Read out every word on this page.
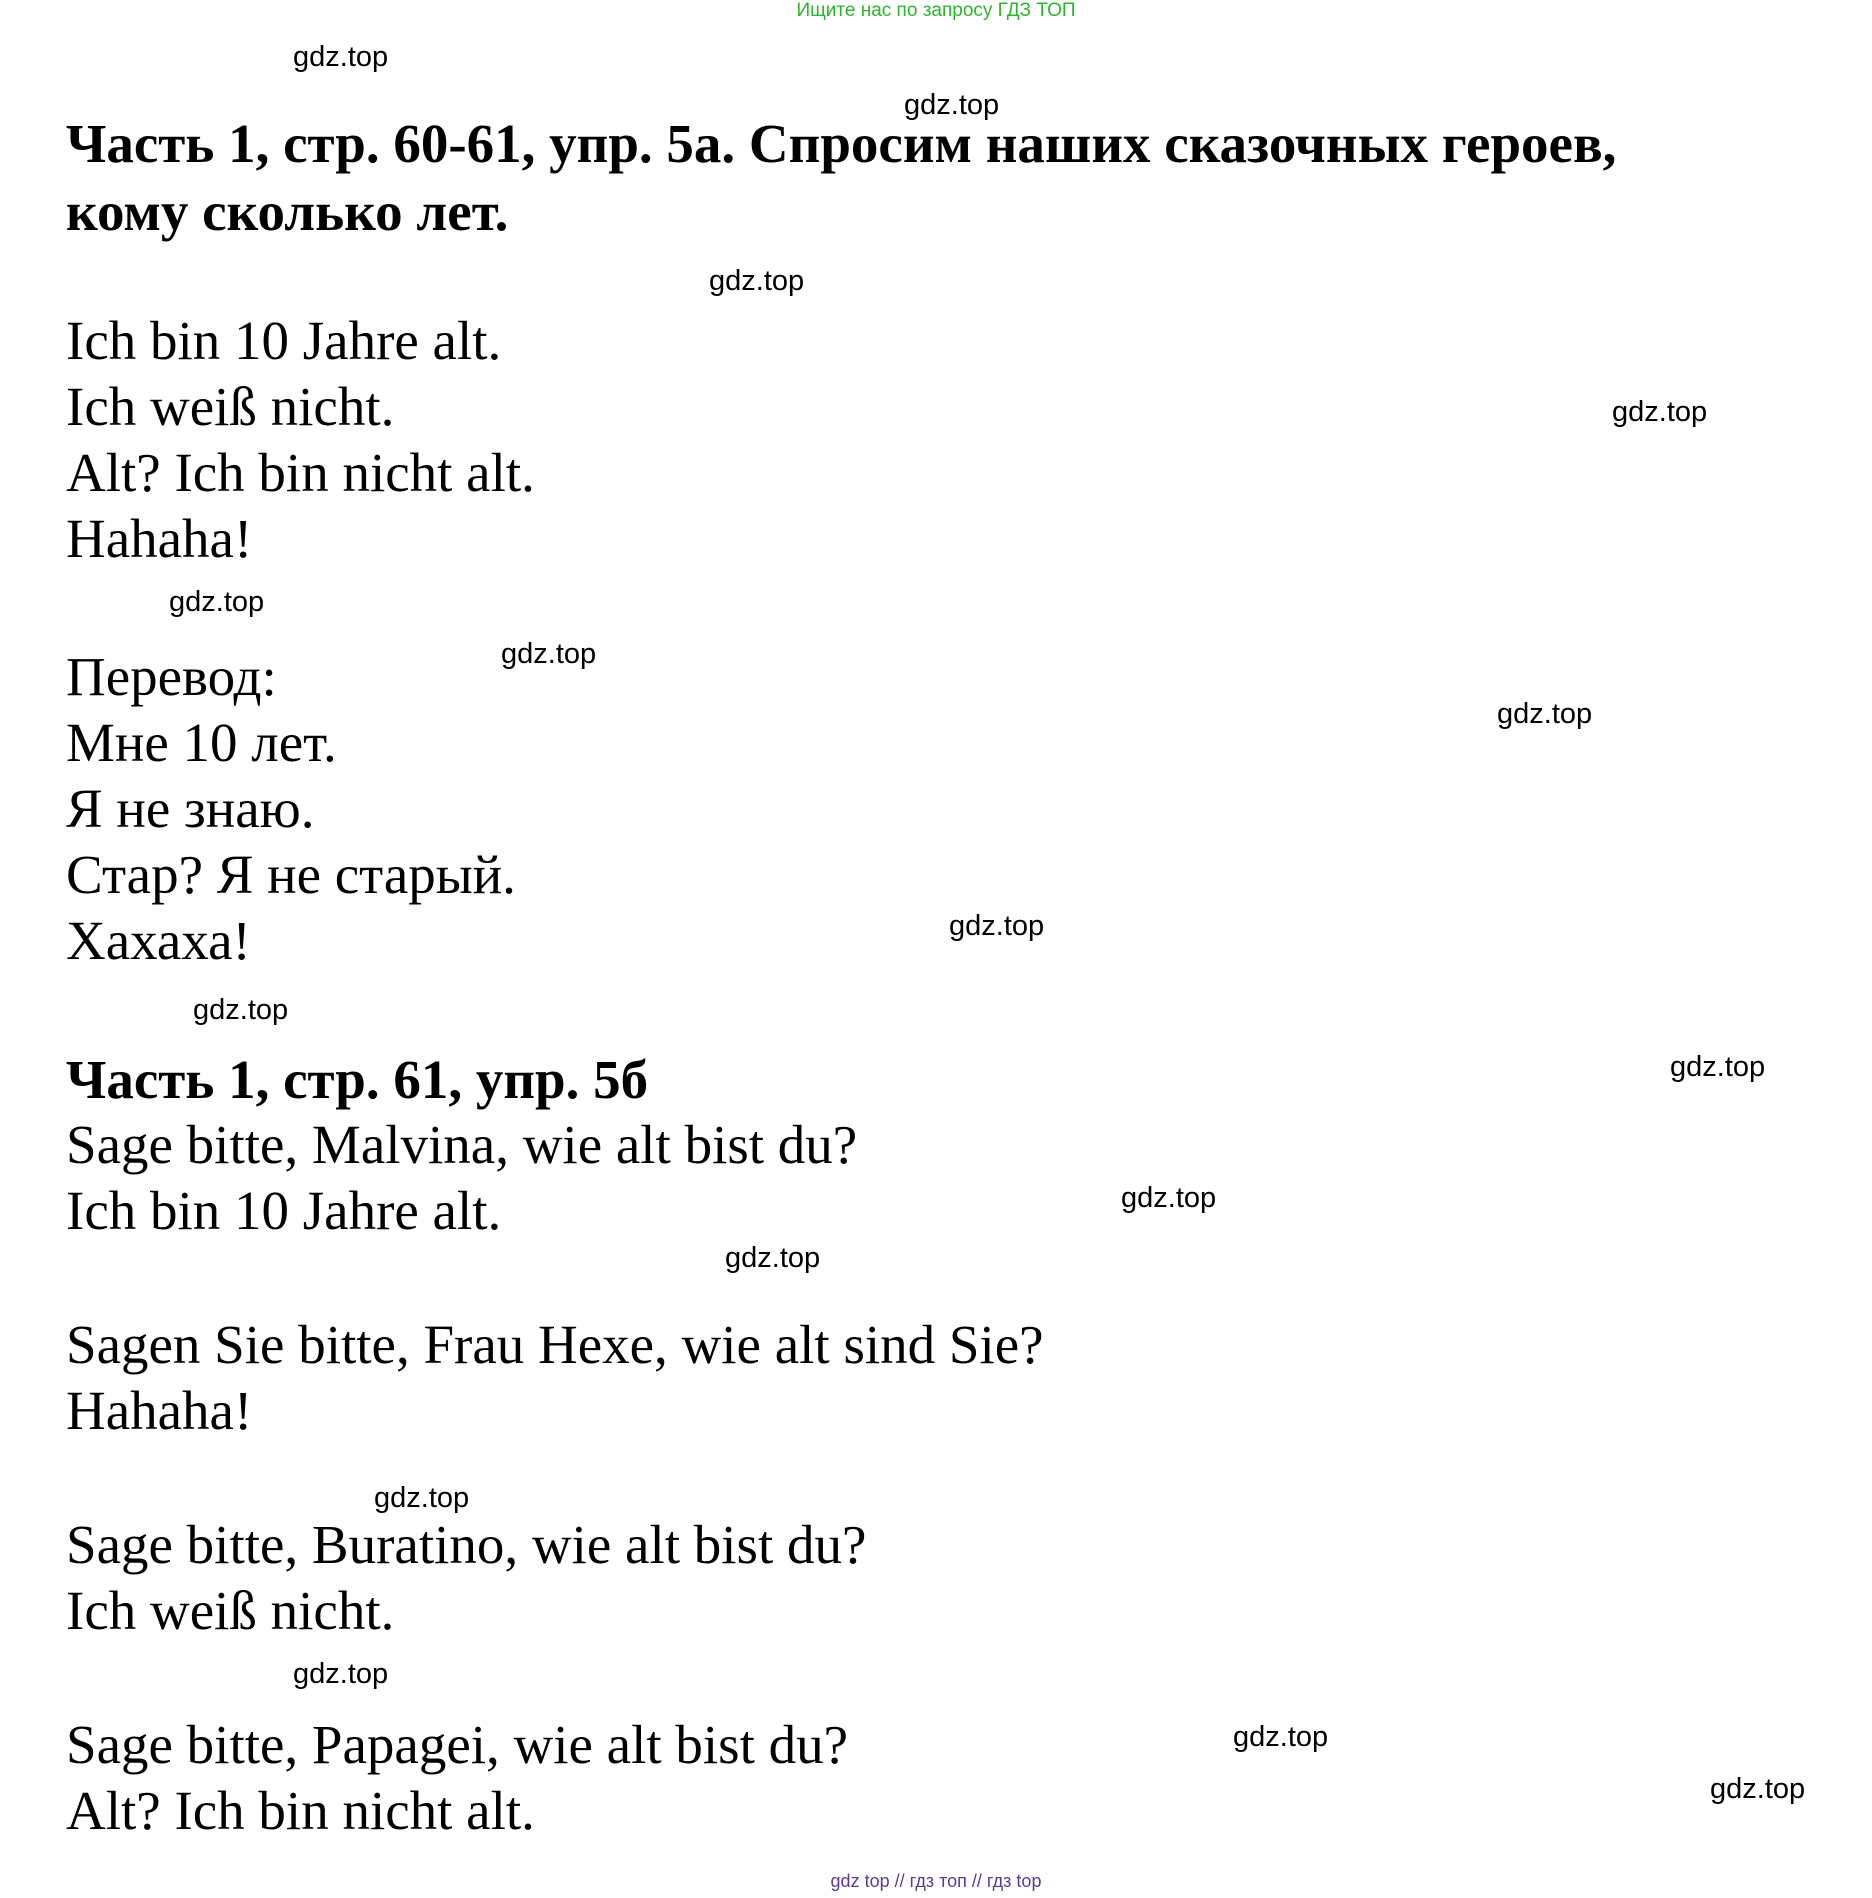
Ищите нас по запросу ГДЗ ТОП
Часть 1, стр. 60-61, упр. 5а. Спросим наших сказочных героев,
кому сколько лет.
Ich bin 10 Jahre alt.
Ich weiß nicht.
Alt? Ich bin nicht alt.
Hahaha!
Перевод:
Мне 10 лет.
Я не знаю.
Стар? Я не старый.
Хахаха!
Часть 1, стр. 61, упр. 5б
Sage bitte, Malvina, wie alt bist du?
Ich bin 10 Jahre alt.
Sagen Sie bitte, Frau Hexe, wie alt sind Sie?
Hahaha!
Sage bitte, Buratino, wie alt bist du?
Ich weiß nicht.
Sage bitte, Papagei, wie alt bist du?
Alt? Ich bin nicht alt.
gdz.top
gdz.top
gdz.top
gdz.top
gdz.top
gdz.top
gdz.top
gdz.top
gdz.top
gdz.top
gdz.top
gdz.top
gdz.top
gdz.top
gdz.top
gdz.top
gdz top // гдз топ // гдз top
